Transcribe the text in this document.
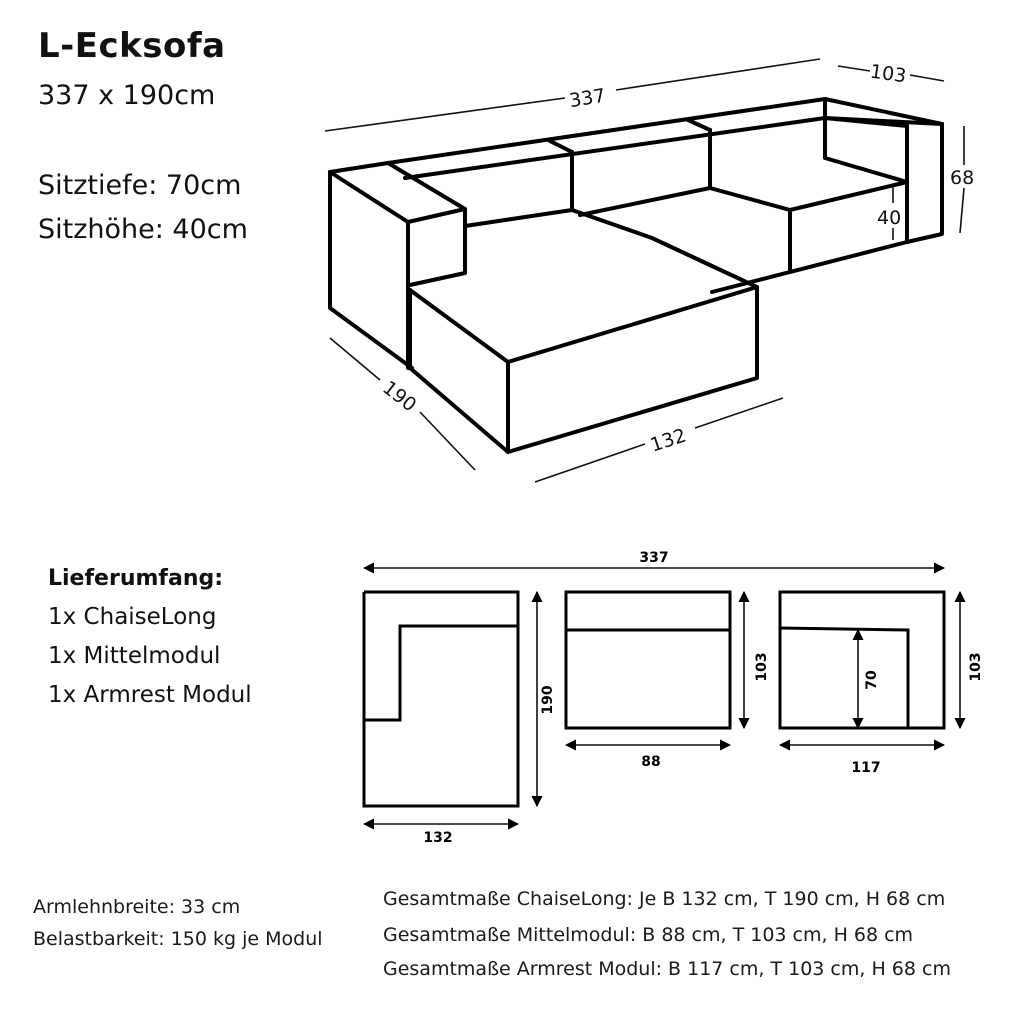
L-Ecksofa
337 x 190cm
Sitztiefe: 70cm
Sitzhöhe: 40cm
337
103
68
40
190
132
337
190
132
103
88
70	103
117
Lieferumfang:
1x ChaiseLong
1x Mittelmodul
1x Armrest Modul
Armlehnbreite: 33 cm
Belastbarkeit: 150 kg je Modul
Gesamtmaße ChaiseLong: Je B 132 cm, T 190 cm, H 68 cm
Gesamtmaße Mittelmodul: B 88 cm, T 103 cm, H 68 cm
Gesamtmaße Armrest Modul: B 117 cm, T 103 cm, H 68 cm
